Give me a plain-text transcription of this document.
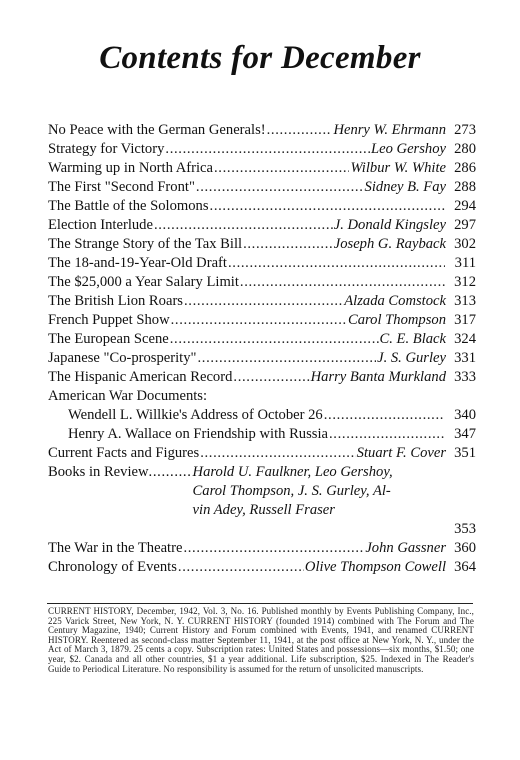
Contents for December
No Peace with the German Generals! . . .	Henry W. Ehrmann 273
Strategy for Victory . . .	Leo Gershoy 280
Warming up in North Africa . . .	Wilbur W. White 286
The First "Second Front" . . .	Sidney B. Fay 288
The Battle of the Solomons . . .	294
Election Interlude . . .	J. Donald Kingsley 297
The Strange Story of the Tax Bill . . .	Joseph G. Rayback 302
The 18-and-19-Year-Old Draft . . .	311
The $25,000 a Year Salary Limit . . .	312
The British Lion Roars . . .	Alzada Comstock 313
French Puppet Show . . .	Carol Thompson 317
The European Scene . . .	C. E. Black 324
Japanese "Co-prosperity" . . .	J. S. Gurley 331
The Hispanic American Record . . .	Harry Banta Murkland 333
American War Documents:
Wendell L. Willkie's Address of October 26 . . .	340
Henry A. Wallace on Friendship with Russia . . .	347
Current Facts and Figures . . .	Stuart F. Cover 351
Books in Review . . .	Harold U. Faulkner, Leo Gershoy,
Carol Thompson, J. S. Gurley, Al-
vin Adey, Russell Fraser
353
The War in the Theatre . . .	John Gassner 360
Chronology of Events . . .	Olive Thompson Cowell 364
CURRENT HISTORY, December, 1942, Vol. 3, No. 16. Published monthly by Events Publishing Company, Inc., 225 Varick Street, New York, N. Y. CURRENT HISTORY (founded 1914) combined with The Forum and The Century Magazine, 1940; Current History and Forum combined with Events, 1941, and renamed CURRENT HISTORY. Reentered as second-class matter September 11, 1941, at the post office at New York, N. Y., under the Act of March 3, 1879. 25 cents a copy. Subscription rates: United States and possessions—six months, $1.50; one year, $2. Canada and all other countries, $1 a year additional. Life subscription, $25. Indexed in The Reader's Guide to Periodical Literature. No responsibility is assumed for the return of unsolicited manuscripts.
